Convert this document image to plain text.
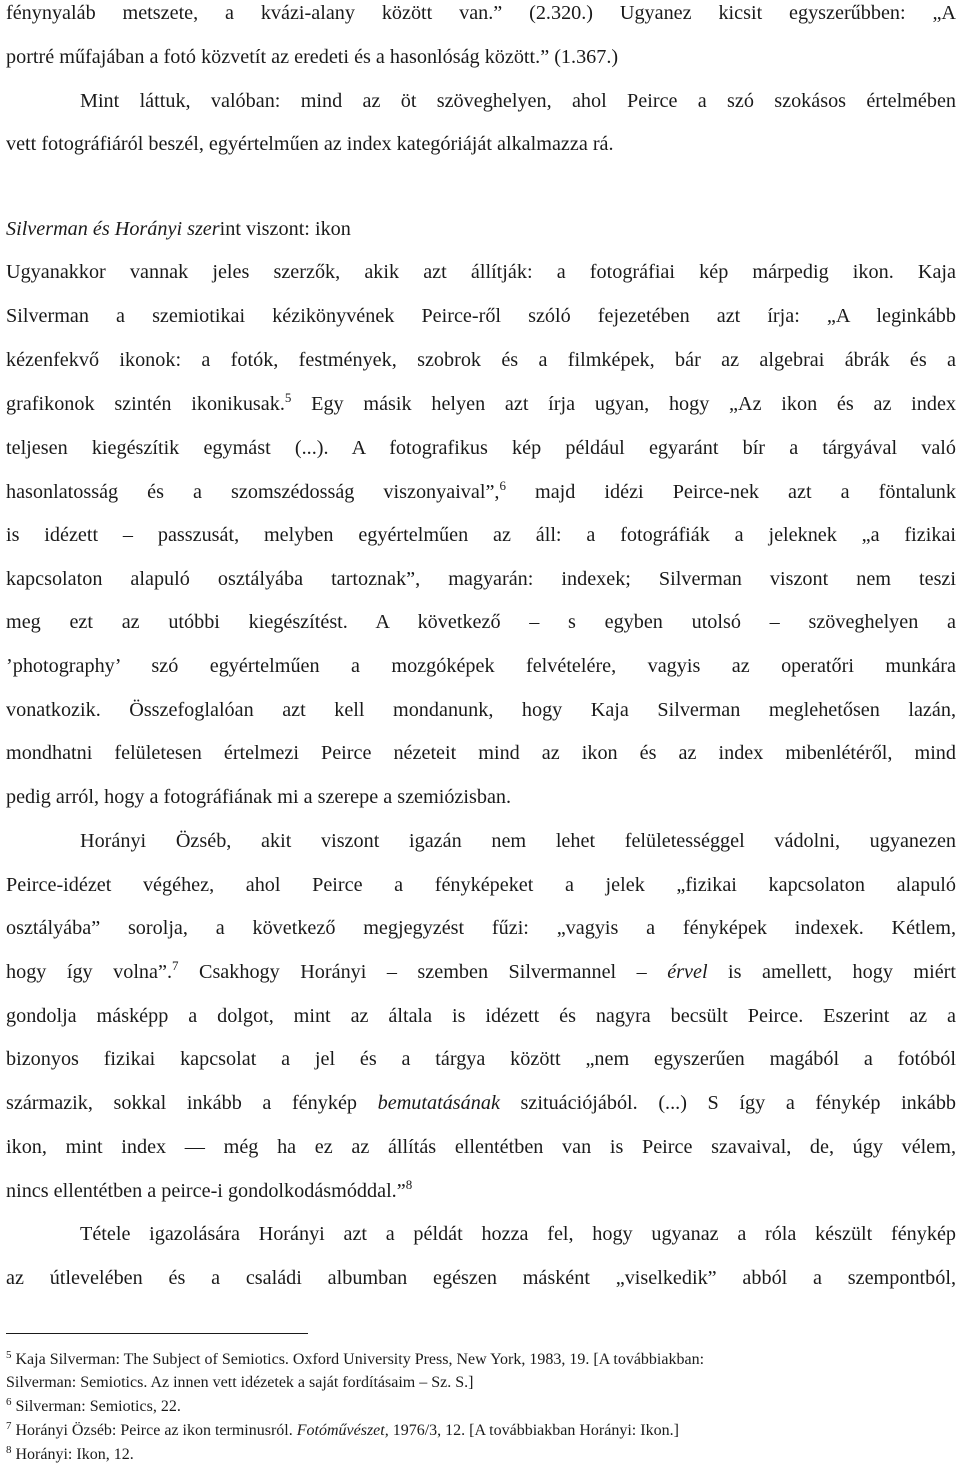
fénynyaláb metszete, a kvázi-alany között van.” (2.320.) Ugyanez kicsit egyszerűbben: „A
portré műfajában a fotó közvetít az eredeti és a hasonlóság között.” (1.367.)
Mint láttuk, valóban: mind az öt szöveghelyen, ahol Peirce a szó szokásos értelmében
vett fotográfiáról beszél, egyértelműen az index kategóriáját alkalmazza rá.
Silverman és Horányi szerint viszont: ikon
Ugyanakkor vannak jeles szerzők, akik azt állítják: a fotográfiai kép márpedig ikon. Kaja
Silverman a szemiotikai kézikönyvének Peirce-ről szóló fejezetében azt írja: „A leginkább
kézenfekvő ikonok: a fotók, festmények, szobrok és a filmképek, bár az algebrai ábrák és a
grafikonok szintén ikonikusak.$^5$ Egy másik helyen azt írja ugyan, hogy „Az ikon és az index
teljesen kiegészítik egymást (...). A fotografikus kép például egyaránt bír a tárgyával való
hasonlatosság és a szomszédosság viszonyaival”,$^6$ majd idézi Peirce-nek azt a föntalunk
is idézett – passzusát, melyben egyértelműen az áll: a fotográfiák a jeleknek „a fizikai
kapcsolaton alapuló osztályába tartoznak”, magyarán: indexek; Silverman viszont nem teszi
meg ezt az utóbbi kiegészítést. A következő – s egyben utolsó – szöveghelyen a
’photography’ szó egyértelműen a mozgóképek felvételére, vagyis az operatőri munkára
vonatkozik. Összefoglalóan azt kell mondanunk, hogy Kaja Silverman meglehetősen lazán,
mondhatni felületesen értelmezi Peirce nézeteit mind az ikon és az index mibenlétéről, mind
pedig arról, hogy a fotográfiának mi a szerepe a szemiózisban.
Horányi Özséb, akit viszont igazán nem lehet felületességgel vádolni, ugyanezen
Peirce-idézet végéhez, ahol Peirce a fényképeket a jelek „fizikai kapcsolaton alapuló
osztályába” sorolja, a következő megjegyzést fűzi: „vagyis a fényképek indexek. Kétlem,
hogy így volna”.$^7$ Csakhogy Horányi – szemben Silvermannel – érvel is amellett, hogy miért
gondolja másképp a dolgot, mint az általa is idézett és nagyra becsült Peirce. Eszerint az a
bizonyos fizikai kapcsolat a jel és a tárgya között „nem egyszerűen magából a fotóból
származik, sokkal inkább a fénykép bemutatásának szituációjából. (...) S így a fénykép inkább
ikon, mint index — még ha ez az állítás ellentétben van is Peirce szavaival, de, úgy vélem,
nincs ellentétben a peirce-i gondolkodásmóddal.”$^8$
Tétele igazolására Horányi azt a példát hozza fel, hogy ugyanaz a róla készült fénykép
az útlevelében és a családi albumban egészen másként „viselkedik” abból a szempontból,
$^5$ Kaja Silverman: The Subject of Semiotics. Oxford University Press, New York, 1983, 19. [A továbbiakban:
Silverman: Semiotics. Az innen vett idézetek a saját fordításaim – Sz. S.]
$^6$ Silverman: Semiotics, 22.
$^7$ Horányi Özséb: Peirce az ikon terminusról. Fotóművészet, 1976/3, 12. [A továbbiakban Horányi: Ikon.]
$^8$ Horányi: Ikon, 12.
